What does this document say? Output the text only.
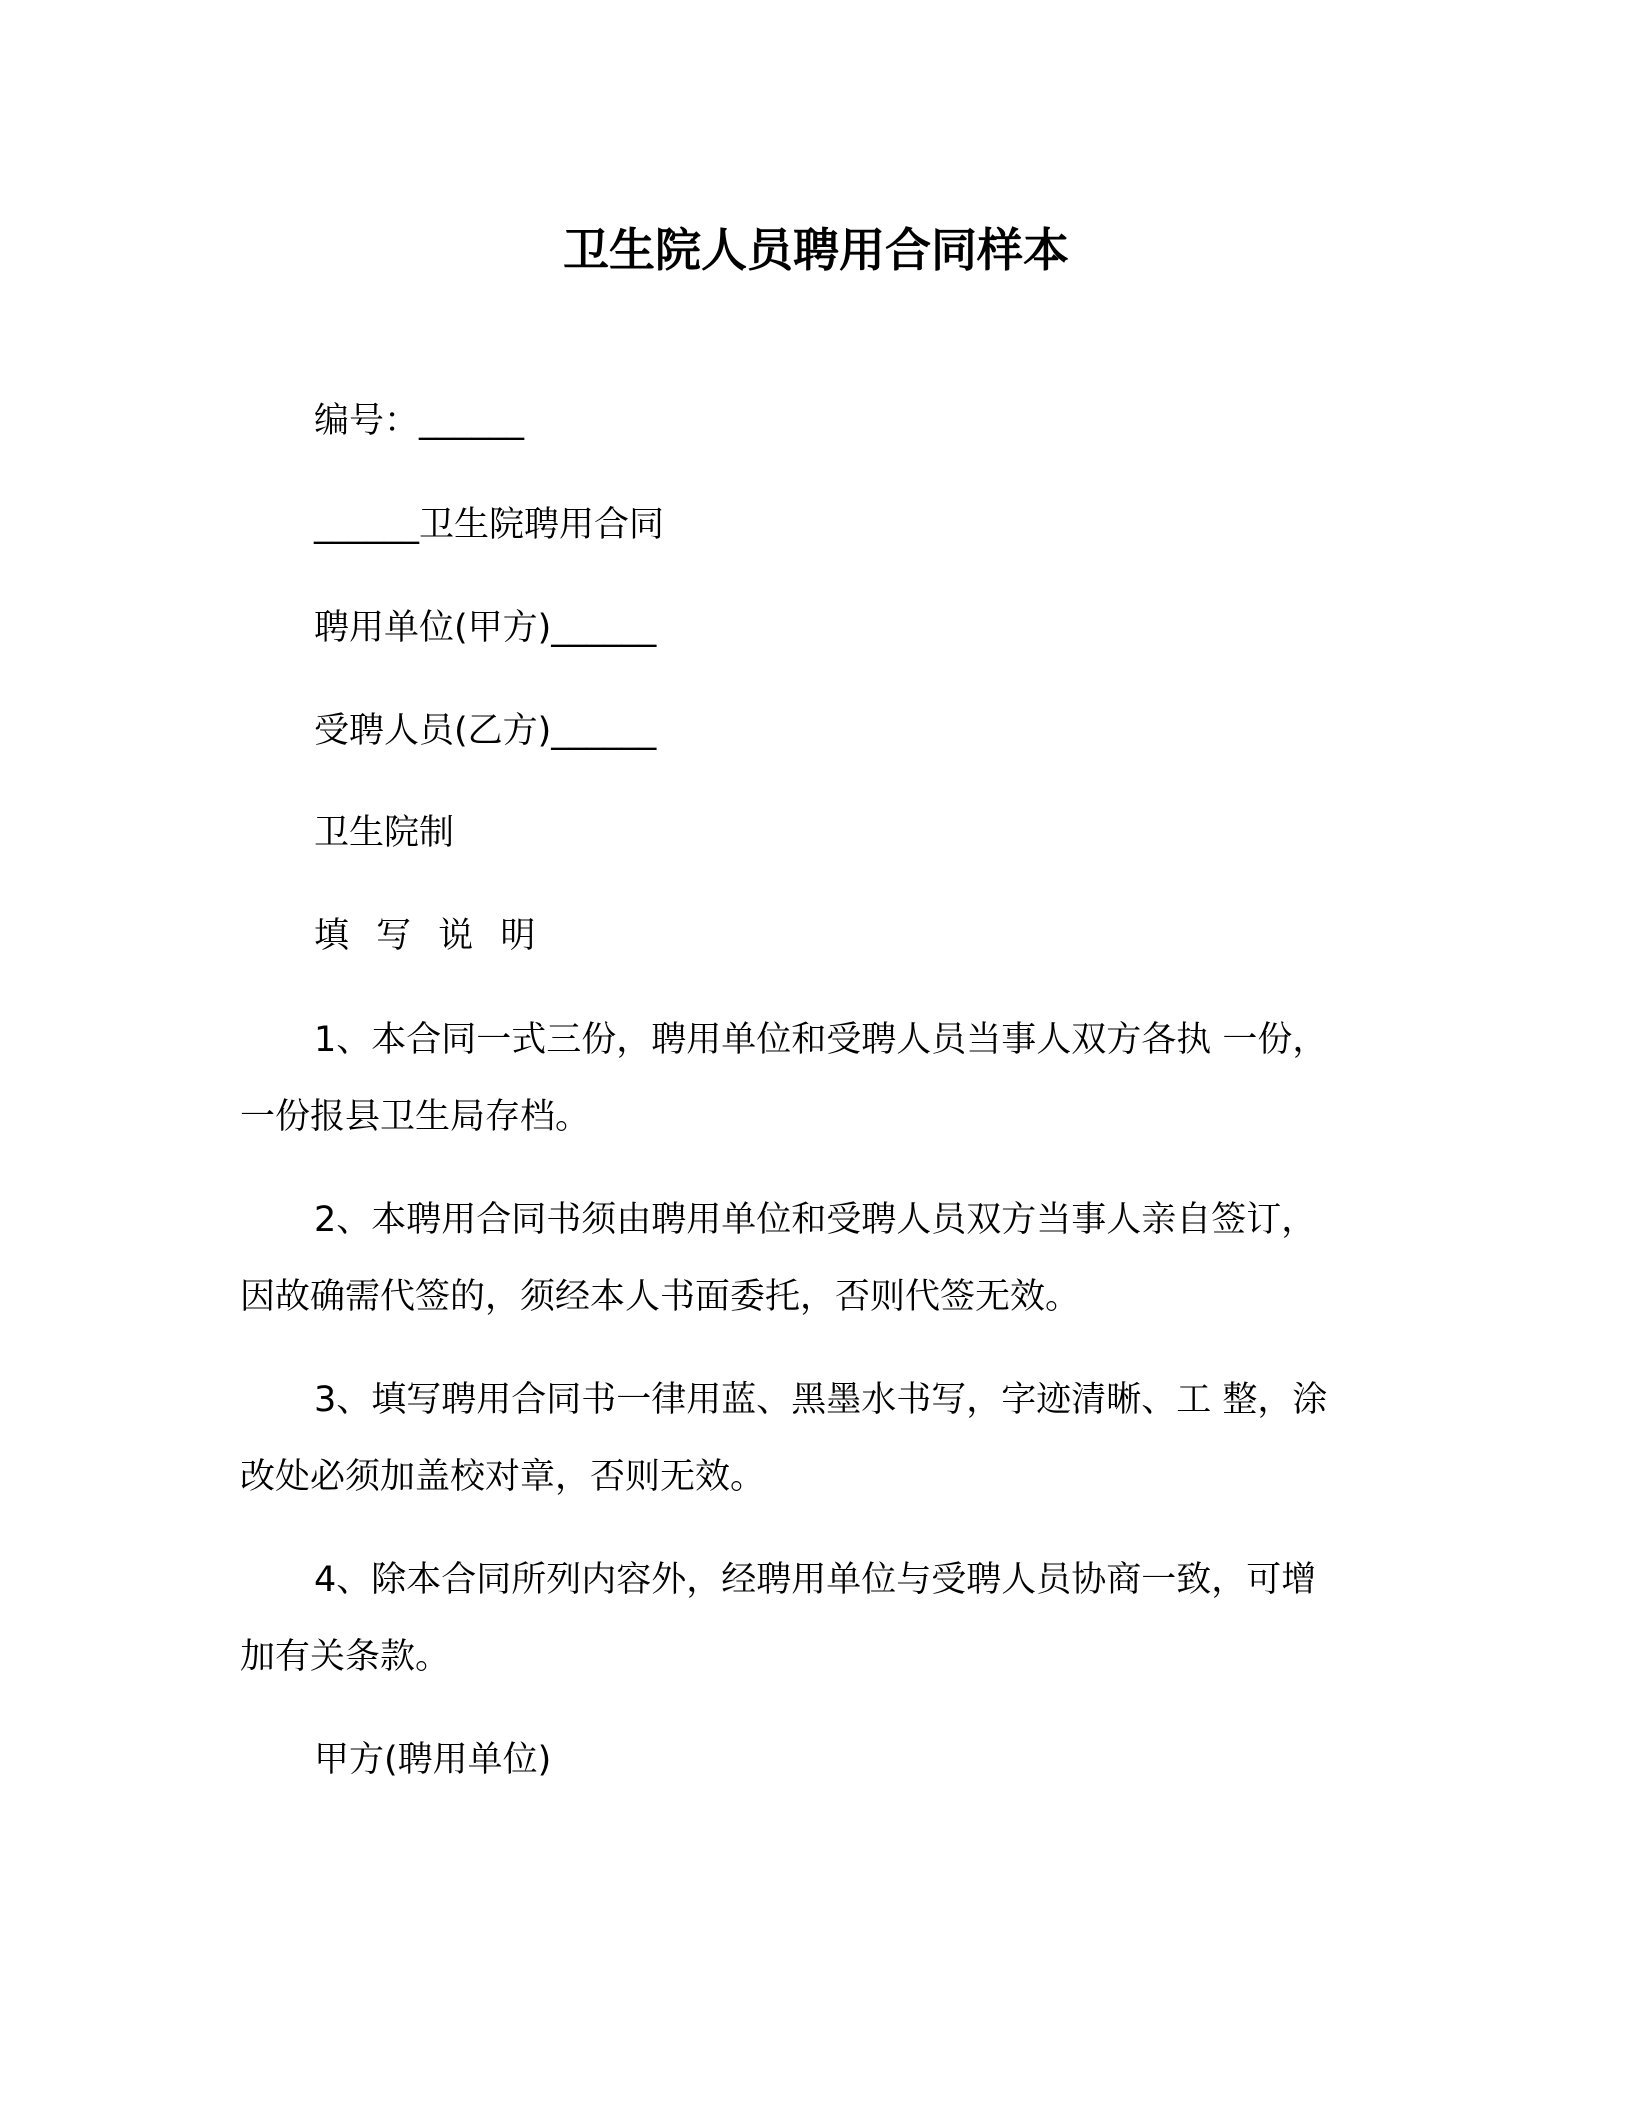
卫生院人员聘用合同样本
编号：______
______卫生院聘用合同
聘用单位(甲方)______
受聘人员(乙方)______
卫生院制
填 写 说 明
1、本合同一式三份，聘用单位和受聘人员当事人双方各执 一份，
一份报县卫生局存档。
2、本聘用合同书须由聘用单位和受聘人员双方当事人亲自签订，
因故确需代签的，须经本人书面委托，否则代签无效。
3、填写聘用合同书一律用蓝、黑墨水书写，字迹清晰、工 整，涂
改处必须加盖校对章，否则无效。
4、除本合同所列内容外，经聘用单位与受聘人员协商一致，可增
加有关条款。
甲方(聘用单位)
